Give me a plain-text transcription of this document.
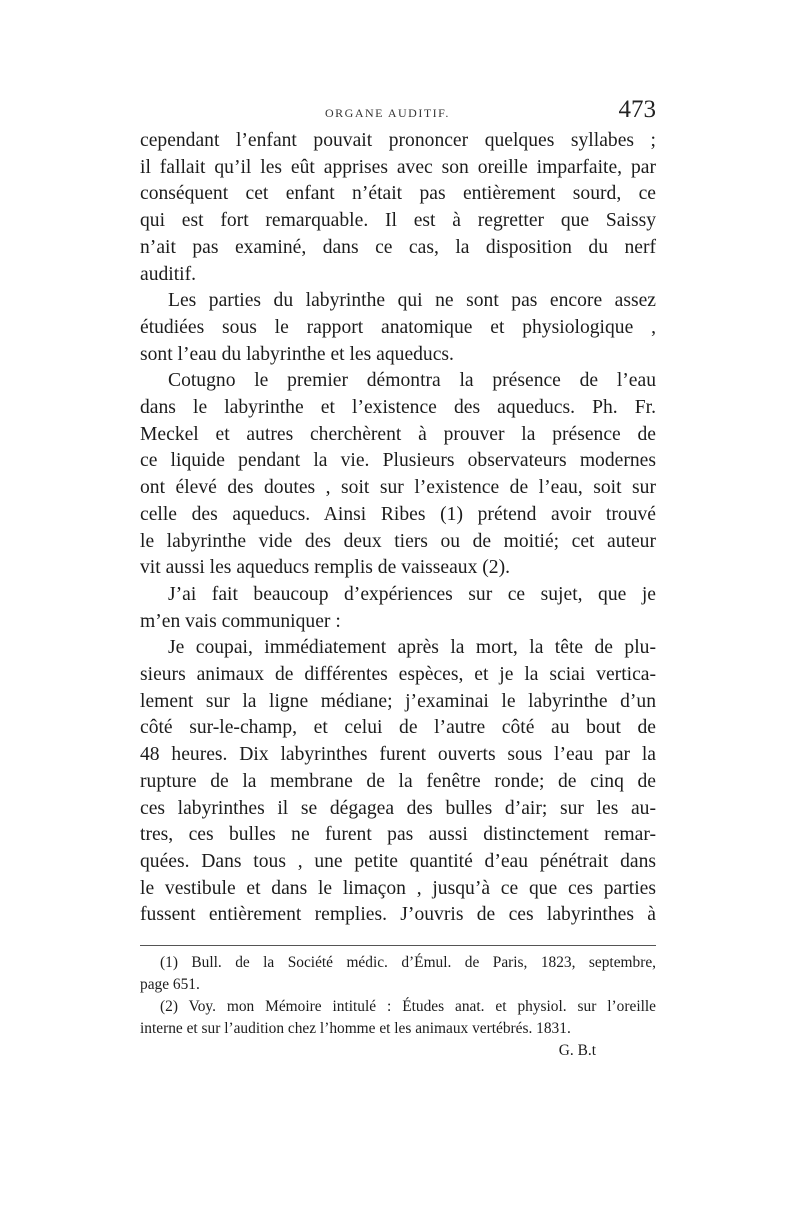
ORGANE AUDITIF.	473
cependant l’enfant pouvait prononcer quelques syllabes ;
il fallait qu’il les eût apprises avec son oreille imparfaite, par
conséquent cet enfant n’était pas entièrement sourd, ce
qui est fort remarquable. Il est à regretter que Saissy
n’ait pas examiné, dans ce cas, la disposition du nerf
auditif.
Les parties du labyrinthe qui ne sont pas encore assez
étudiées sous le rapport anatomique et physiologique ,
sont l’eau du labyrinthe et les aqueducs.
Cotugno le premier démontra la présence de l’eau
dans le labyrinthe et l’existence des aqueducs. Ph. Fr.
Meckel et autres cherchèrent à prouver la présence de
ce liquide pendant la vie. Plusieurs observateurs modernes
ont élevé des doutes , soit sur l’existence de l’eau, soit sur
celle des aqueducs. Ainsi Ribes (1) prétend avoir trouvé
le labyrinthe vide des deux tiers ou de moitié; cet auteur
vit aussi les aqueducs remplis de vaisseaux (2).
J’ai fait beaucoup d’expériences sur ce sujet, que je
m’en vais communiquer :
Je coupai, immédiatement après la mort, la tête de plu-
sieurs animaux de différentes espèces, et je la sciai vertica-
lement sur la ligne médiane; j’examinai le labyrinthe d’un
côté sur-le-champ, et celui de l’autre côté au bout de
48 heures. Dix labyrinthes furent ouverts sous l’eau par la
rupture de la membrane de la fenêtre ronde; de cinq de
ces labyrinthes il se dégagea des bulles d’air; sur les au-
tres, ces bulles ne furent pas aussi distinctement remar-
quées. Dans tous , une petite quantité d’eau pénétrait dans
le vestibule et dans le limaçon , jusqu’à ce que ces parties
fussent entièrement remplies. J’ouvris de ces labyrinthes à
(1) Bull. de la Société médic. d’Émul. de Paris, 1823, septembre,
page 651.
(2) Voy. mon Mémoire intitulé : Études anat. et physiol. sur l’oreille
interne et sur l’audition chez l’homme et les animaux vertébrés. 1831.
G. B.t
